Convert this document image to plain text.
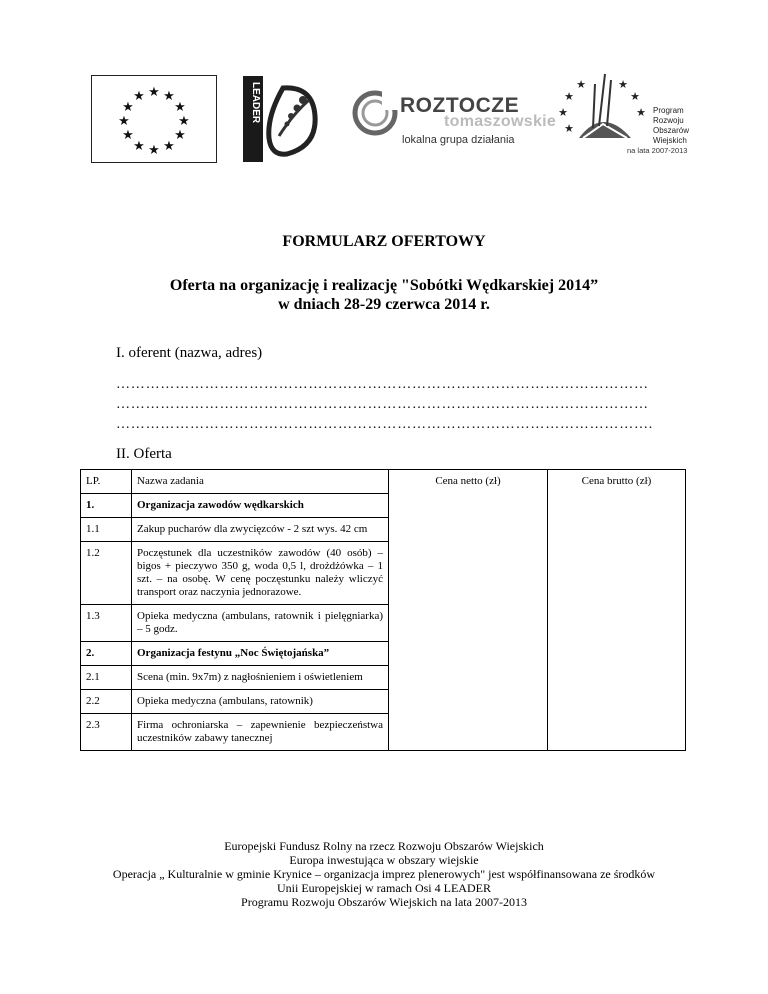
★ ★
★
★
★
★
★
★
★
★
★
★	LEADER	ROZTOCZE
tomaszowskie
lokalna grupa działania
★
★
★
★
★
★
★ Program
Rozwoju
Obszarów
Wiejskich
na lata 2007-2013
FORMULARZ OFERTOWY
Oferta na organizację i realizację "Sobótki Wędkarskiej 2014”
w dniach 28-29 czerwca 2014 r.
I. oferent (nazwa, adres)
………………………………………………………………………………………………
………………………………………………………………………………………………
……………………………………………………………………………………………….
II. Oferta
LP.	Nazwa zadania	Cena netto (zł)	Cena brutto (zł)
1.	Organizacja zawodów wędkarskich		
1.1	Zakup pucharów dla zwycięzców - 2 szt wys. 42 cm		
1.2	Poczęstunek dla uczestników zawodów (40 osób) – bigos + pieczywo 350 g, woda 0,5 l, drożdżówka – 1 szt. – na osobę. W cenę poczęstunku należy wliczyć transport oraz naczynia jednorazowe.		
1.3	Opieka medyczna (ambulans, ratownik i pielęgniarka) – 5 godz.		
2.	Organizacja festynu „Noc Świętojańska”		
2.1	Scena (min. 9x7m) z nagłośnieniem i oświetleniem		
2.2	Opieka medyczna (ambulans, ratownik)		
2.3	Firma ochroniarska – zapewnienie bezpieczeństwa uczestników zabawy tanecznej		
Europejski Fundusz Rolny na rzecz Rozwoju Obszarów Wiejskich
Europa inwestująca w obszary wiejskie
Operacja „ Kulturalnie w gminie Krynice – organizacja imprez plenerowych" jest współfinansowana ze środków
Unii Europejskiej w ramach Osi 4 LEADER
Programu Rozwoju Obszarów Wiejskich na lata 2007-2013
